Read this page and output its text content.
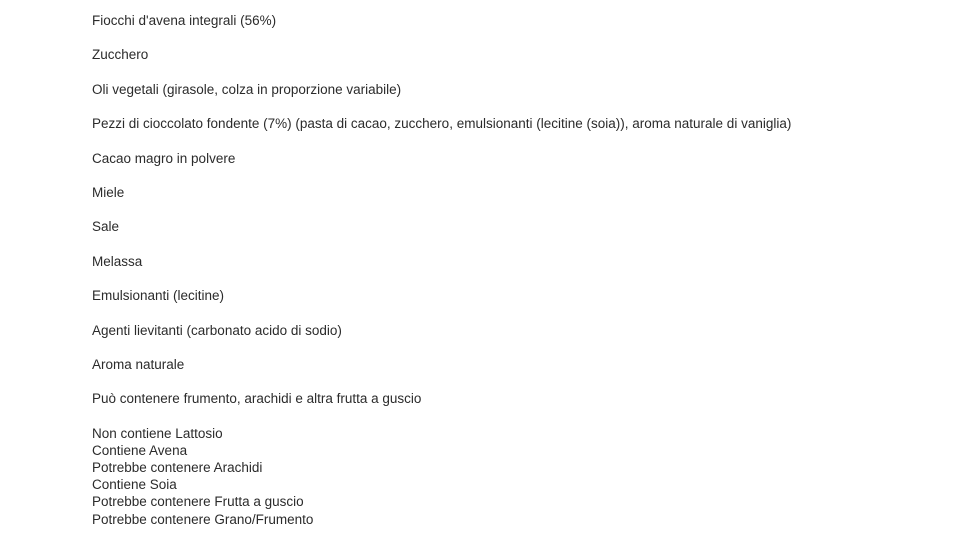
Fiocchi d'avena integrali (56%)
Zucchero
Oli vegetali (girasole, colza in proporzione variabile)
Pezzi di cioccolato fondente (7%) (pasta di cacao, zucchero, emulsionanti (lecitine (soia)), aroma naturale di vaniglia)
Cacao magro in polvere
Miele
Sale
Melassa
Emulsionanti (lecitine)
Agenti lievitanti (carbonato acido di sodio)
Aroma naturale
Può contenere frumento, arachidi e altra frutta a guscio
Non contiene Lattosio
Contiene Avena
Potrebbe contenere Arachidi
Contiene Soia
Potrebbe contenere Frutta a guscio
Potrebbe contenere Grano/Frumento
